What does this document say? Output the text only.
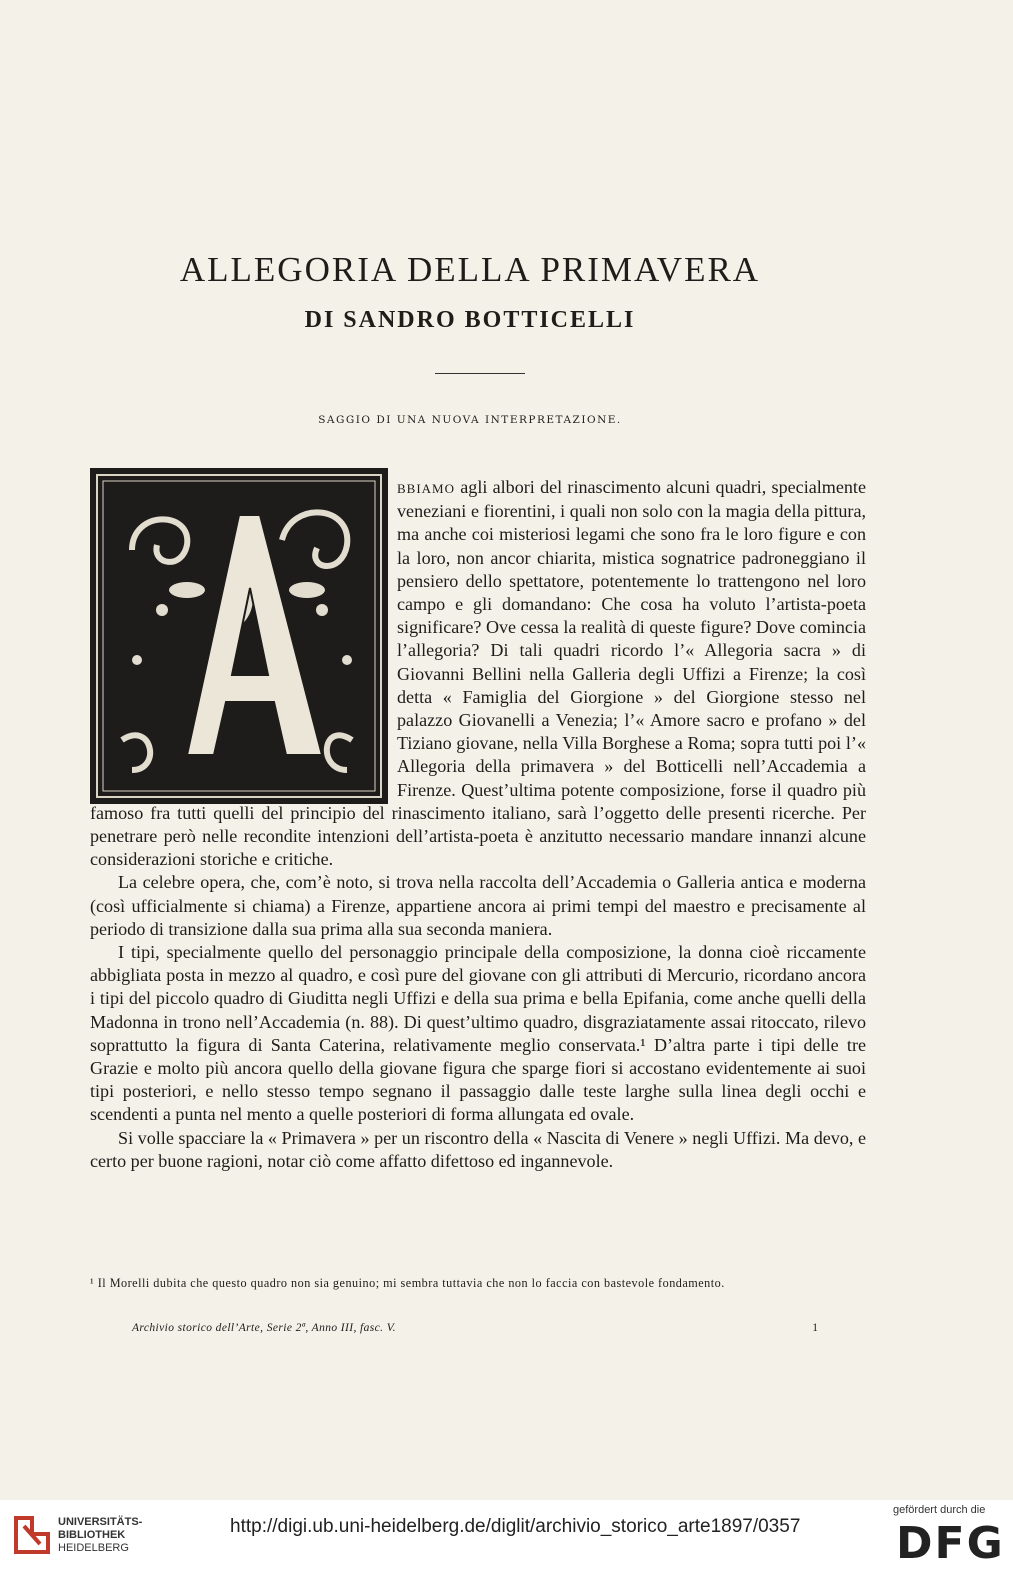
ALLEGORIA DELLA PRIMAVERA
DI SANDRO BOTTICELLI
SAGGIO DI UNA NUOVA INTERPRETAZIONE.
A

BBIAMO agli albori del rinascimento alcuni quadri, specialmente veneziani e fiorentini, i quali non solo con la magia della pittura, ma anche coi misteriosi legami che sono fra le loro figure e con la loro, non ancor chiarita, mistica sognatrice padroneggiano il pensiero dello spettatore, potentemente lo trattengono nel loro campo e gli domandano: Che cosa ha voluto l’artista-poeta significare? Ove cessa la realità di queste figure? Dove comincia l’allegoria? Di tali quadri ricordo l’« Allegoria sacra » di Giovanni Bellini nella Galleria degli Uffizi a Firenze; la così detta « Famiglia del Giorgione » del Giorgione stesso nel palazzo Giovanelli a Venezia; l’« Amore sacro e profano » del Tiziano giovane, nella Villa Borghese a Roma; sopra tutti poi l’« Allegoria della primavera » del Botticelli nell’Accademia a Firenze. Quest’ultima potente composizione, forse il quadro più famoso fra tutti quelli del principio del rinascimento italiano, sarà l’oggetto delle presenti ricerche. Per penetrare però nelle recondite intenzioni dell’artista-poeta è anzitutto necessario mandare innanzi alcune considerazioni storiche e critiche.

La celebre opera, che, com’è noto, si trova nella raccolta dell’Accademia o Galleria antica e moderna (così ufficialmente si chiama) a Firenze, appartiene ancora ai primi tempi del maestro e precisamente al periodo di transizione dalla sua prima alla sua seconda maniera.

I tipi, specialmente quello del personaggio principale della composizione, la donna cioè riccamente abbigliata posta in mezzo al quadro, e così pure del giovane con gli attributi di Mercurio, ricordano ancora i tipi del piccolo quadro di Giuditta negli Uffizi e della sua prima e bella Epifania, come anche quelli della Madonna in trono nell’Accademia (n. 88). Di quest’ultimo quadro, disgraziatamente assai ritoccato, rilevo soprattutto la figura di Santa Caterina, relativamente meglio conservata.¹ D’altra parte i tipi delle tre Grazie e molto più ancora quello della giovane figura che sparge fiori si accostano evidentemente ai suoi tipi posteriori, e nello stesso tempo segnano il passaggio dalle teste larghe sulla linea degli occhi e scendenti a punta nel mento a quelle posteriori di forma allungata ed ovale.

Si volle spacciare la « Primavera » per un riscontro della « Nascita di Venere » negli Uffizi. Ma devo, e certo per buone ragioni, notar ciò come affatto difettoso ed ingannevole.

¹ Il Morelli dubita che questo quadro non sia genuino; mi sembra tuttavia che non lo faccia con bastevole fondamento.
Archivio storico dell’Arte, Serie 2ª, Anno III, fasc. V.	1
UNIVERSITÄTS-
BIBLIOTHEK
HEIDELBERG
http://digi.ub.uni-heidelberg.de/diglit/archivio_storico_arte1897/0357
gefördert durch die
DFG
